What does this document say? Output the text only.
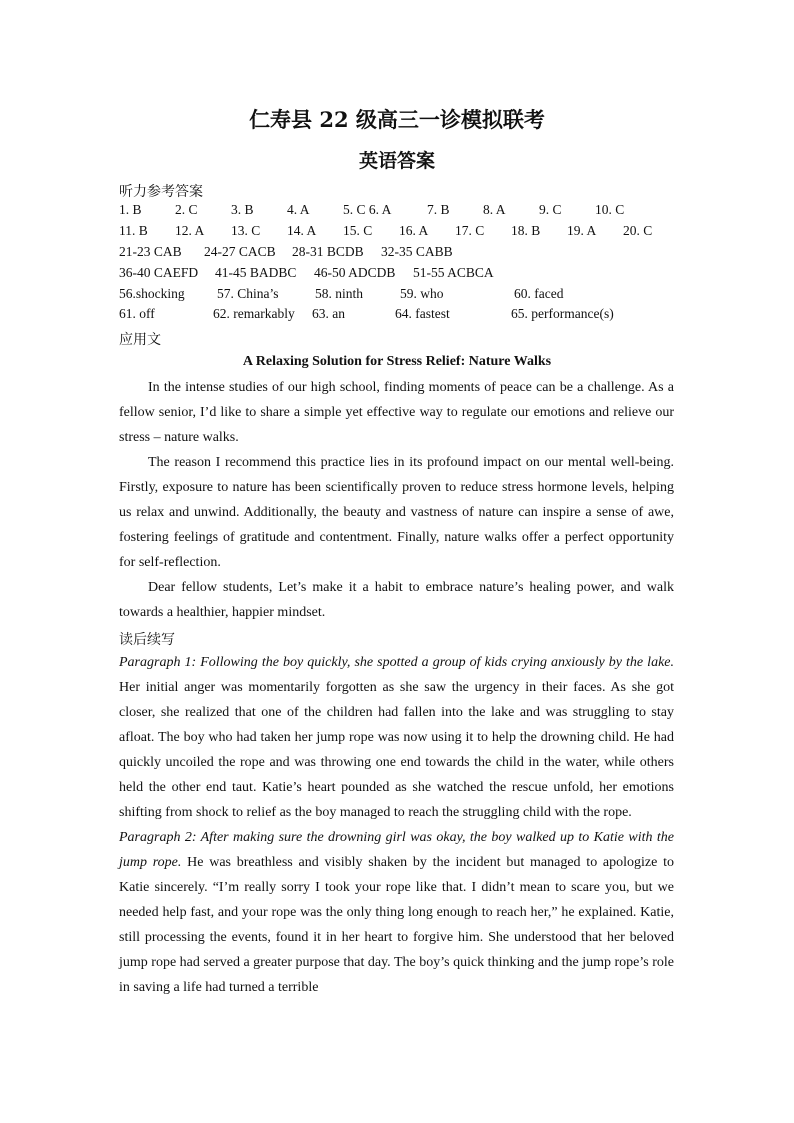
仁寿县 22 级高三一诊模拟联考
英语答案
听力参考答案
1. B 2. C 3. B 4. A 5. C 6. A	7. B 8. A 9. C 10. C
11. B 12. A 13. C 14. A 15. C 16. A 17. C 18. B 19. A 20. C
21-23 CAB 24-27 CACB 28-31 BCDB 32-35 CABB
36-40 CAEFD 41-45 BADBC 46-50 ADCDB 51-55 ACBCA
56.shocking 57. China’s	58. ninth	59. who	60. faced
61. off	62. remarkably 63. an	64. fastest	65. performance(s)
应用文
A Relaxing Solution for Stress Relief: Nature Walks

In the intense studies of our high school, finding moments of peace can be a challenge. As a fellow senior, I’d like to share a simple yet effective way to regulate our emotions and relieve our stress – nature walks.

The reason I recommend this practice lies in its profound impact on our mental well-being. Firstly, exposure to nature has been scientifically proven to reduce stress hormone levels, helping us relax and unwind. Additionally, the beauty and vastness of nature can inspire a sense of awe, fostering feelings of gratitude and contentment. Finally, nature walks offer a perfect opportunity for self-reflection.

Dear fellow students, Let’s make it a habit to embrace nature’s healing power, and walk towards a healthier, happier mindset.

读后续写

Paragraph 1: Following the boy quickly, she spotted a group of kids crying anxiously by the lake. Her initial anger was momentarily forgotten as she saw the urgency in their faces. As she got closer, she realized that one of the children had fallen into the lake and was struggling to stay afloat. The boy who had taken her jump rope was now using it to help the drowning child. He had quickly uncoiled the rope and was throwing one end towards the child in the water, while others held the other end taut. Katie’s heart pounded as she watched the rescue unfold, her emotions shifting from shock to relief as the boy managed to reach the struggling child with the rope.

Paragraph 2: After making sure the drowning girl was okay, the boy walked up to Katie with the jump rope. He was breathless and visibly shaken by the incident but managed to apologize to Katie sincerely. “I’m really sorry I took your rope like that. I didn’t mean to scare you, but we needed help fast, and your rope was the only thing long enough to reach her,” he explained. Katie, still processing the events, found it in her heart to forgive him. She understood that her beloved jump rope had served a greater purpose that day. The boy’s quick thinking and the jump rope’s role in saving a life had turned a terrible
